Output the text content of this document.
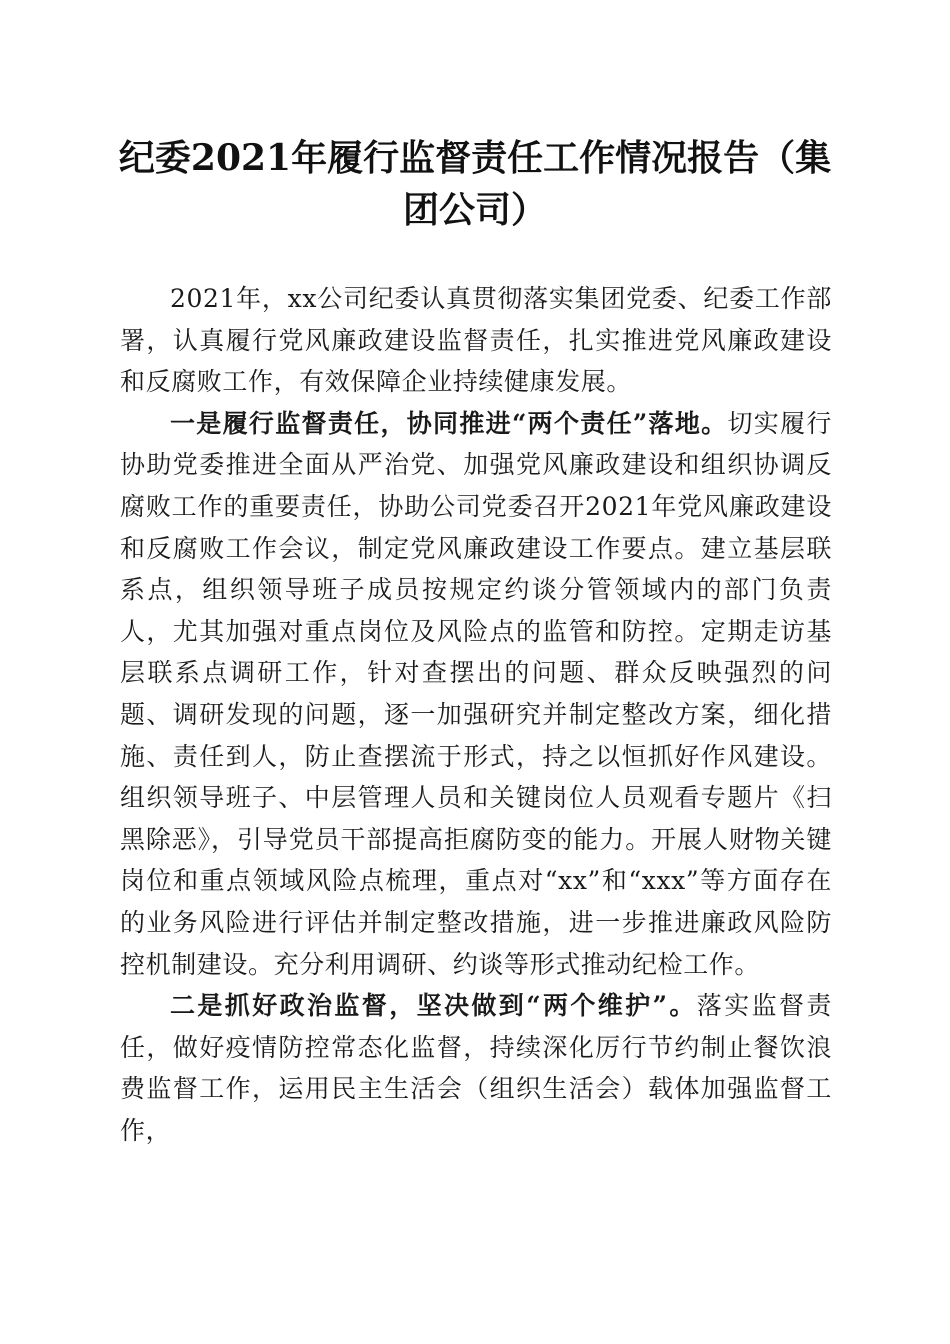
纪委2021年履行监督责任工作情况报告（集团公司）

2021年，xx公司纪委认真贯彻落实集团党委、纪委工作部署，认真履行党风廉政建设监督责任，扎实推进党风廉政建设和反腐败工作，有效保障企业持续健康发展。

一是履行监督责任，协同推进“两个责任”落地。切实履行协助党委推进全面从严治党、加强党风廉政建设和组织协调反腐败工作的重要责任，协助公司党委召开2021年党风廉政建设和反腐败工作会议，制定党风廉政建设工作要点。建立基层联系点，组织领导班子成员按规定约谈分管领域内的部门负责人，尤其加强对重点岗位及风险点的监管和防控。定期走访基层联系点调研工作，针对查摆出的问题、群众反映强烈的问题、调研发现的问题，逐一加强研究并制定整改方案，细化措施、责任到人，防止查摆流于形式，持之以恒抓好作风建设。组织领导班子、中层管理人员和关键岗位人员观看专题片《扫黑除恶》，引导党员干部提高拒腐防变的能力。开展人财物关键岗位和重点领域风险点梳理，重点对“xx”和“xxx”等方面存在的业务风险进行评估并制定整改措施，进一步推进廉政风险防控机制建设。充分利用调研、约谈等形式推动纪检工作。

二是抓好政治监督，坚决做到“两个维护”。落实监督责任，做好疫情防控常态化监督，持续深化厉行节约制止餐饮浪费监督工作，运用民主生活会（组织生活会）载体加强监督工作，
